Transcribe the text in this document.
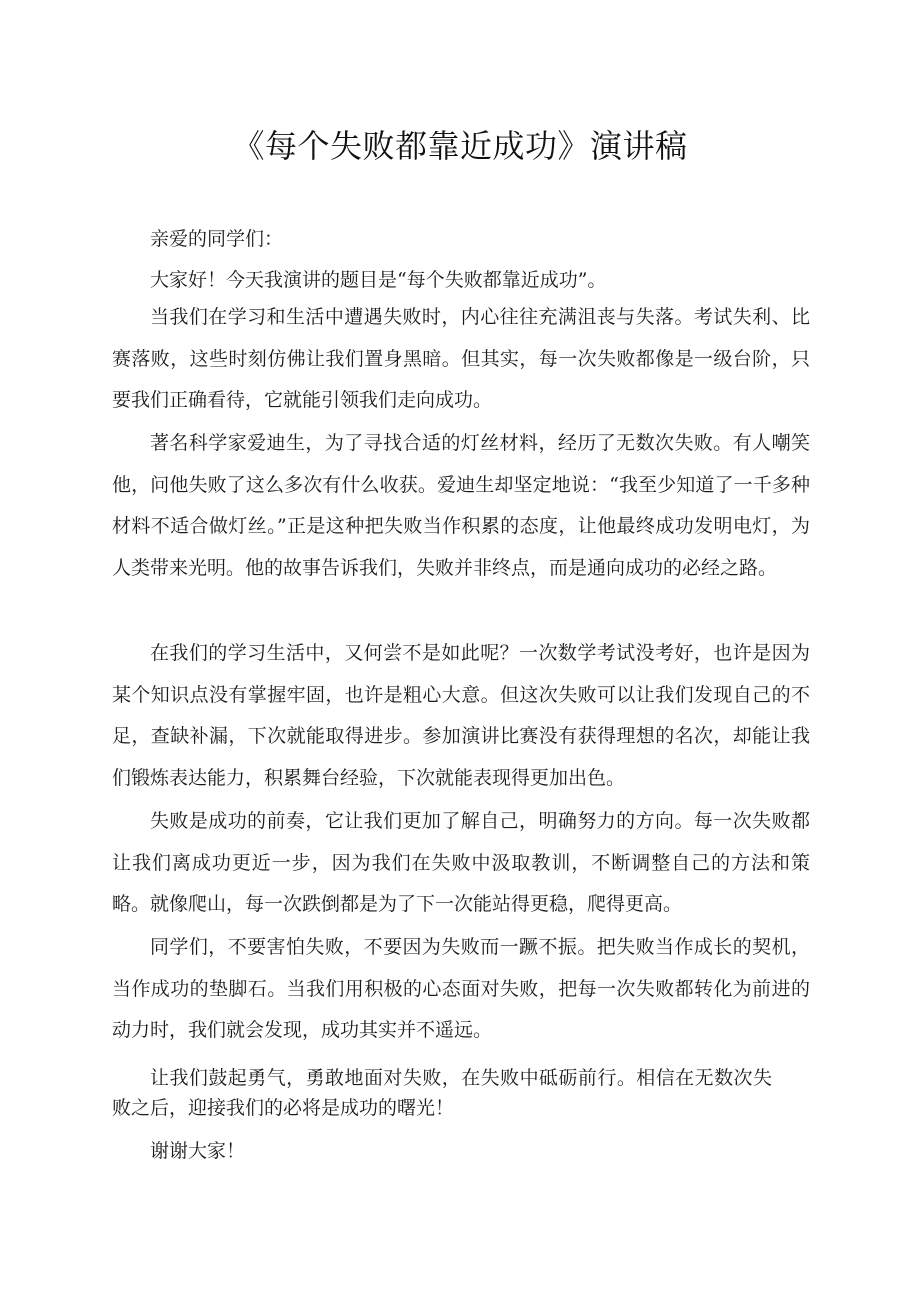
《每个失败都靠近成功》演讲稿

亲爱的同学们：

大家好！今天我演讲的题目是“每个失败都靠近成功”。

当我们在学习和生活中遭遇失败时，内心往往充满沮丧与失落。考试失利、比赛落败，这些时刻仿佛让我们置身黑暗。但其实，每一次失败都像是一级台阶，只要我们正确看待，它就能引领我们走向成功。

著名科学家爱迪生，为了寻找合适的灯丝材料，经历了无数次失败。有人嘲笑他，问他失败了这么多次有什么收获。爱迪生却坚定地说：“我至少知道了一千多种材料不适合做灯丝。”正是这种把失败当作积累的态度，让他最终成功发明电灯，为人类带来光明。他的故事告诉我们，失败并非终点，而是通向成功的必经之路。

在我们的学习生活中，又何尝不是如此呢？一次数学考试没考好，也许是因为某个知识点没有掌握牢固，也许是粗心大意。但这次失败可以让我们发现自己的不足，查缺补漏，下次就能取得进步。参加演讲比赛没有获得理想的名次，却能让我们锻炼表达能力，积累舞台经验，下次就能表现得更加出色。

失败是成功的前奏，它让我们更加了解自己，明确努力的方向。每一次失败都让我们离成功更近一步，因为我们在失败中汲取教训，不断调整自己的方法和策略。就像爬山，每一次跌倒都是为了下一次能站得更稳，爬得更高。

同学们，不要害怕失败，不要因为失败而一蹶不振。把失败当作成长的契机，当作成功的垫脚石。当我们用积极的心态面对失败，把每一次失败都转化为前进的动力时，我们就会发现，成功其实并不遥远。

让我们鼓起勇气，勇敢地面对失败，在失败中砥砺前行。相信在无数次失败之后，迎接我们的必将是成功的曙光！

谢谢大家！
